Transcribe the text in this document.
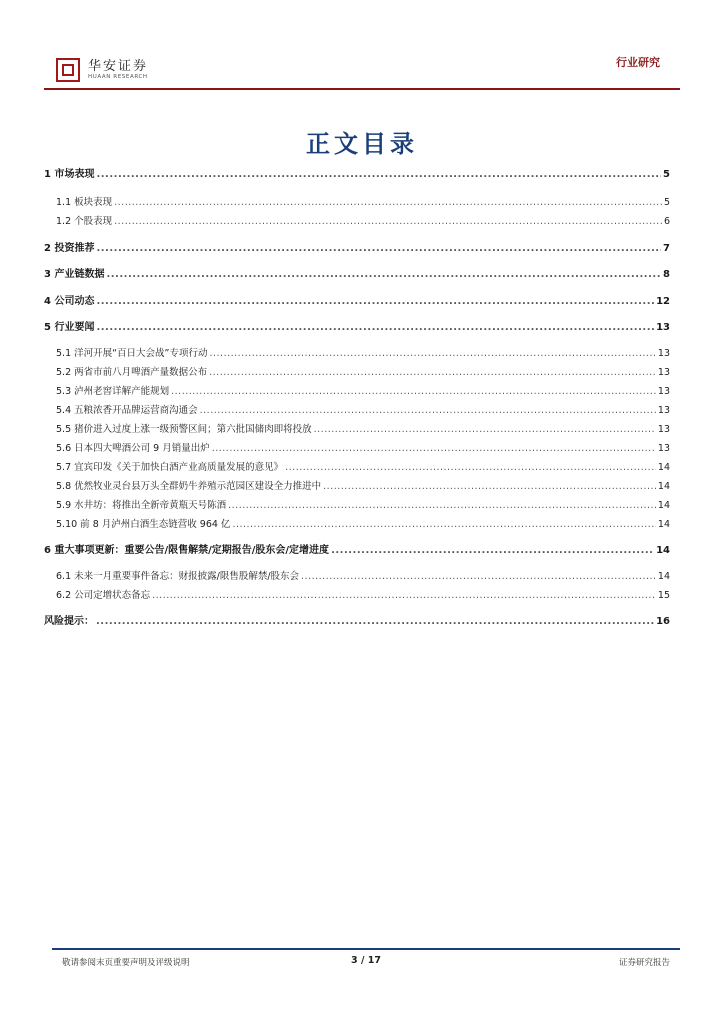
华安证券
HUAAN RESEARCH
行业研究
正文目录
1 市场表现 .....	5
1.1 板块表现 .....	5
1.2 个股表现 .....	6
2 投资推荐 .....	7
3 产业链数据 .....	8
4 公司动态 .....	12
5 行业要闻 .....	13
5.1 洋河开展“百日大会战”专项行动 .....	13
5.2 两省市前八月啤酒产量数据公布 .....	13
5.3 泸州老窖详解产能规划 .....	13
5.4 五粮浓香开品牌运营商沟通会 .....	13
5.5 猪价进入过度上涨一级预警区间；第六批国储肉即将投放 .....	13
5.6 日本四大啤酒公司 9 月销量出炉 .....	13
5.7 宜宾印发《关于加快白酒产业高质量发展的意见》 .....	14
5.8 优然牧业灵台县万头全群奶牛养殖示范园区建设全力推进中 .....	14
5.9 水井坊：将推出全新帝黄瓶天号陈酒 .....	14
5.10 前 8 月泸州白酒生态链营收 964 亿 .....	14
6 重大事项更新：重要公告/限售解禁/定期报告/股东会/定增进度 .....	14
6.1 未来一月重要事件备忘：财报披露/限售股解禁/股东会 .....	14
6.2 公司定增状态备忘 .....	15
风险提示： .....	16
敬请参阅末页重要声明及评级说明	3 / 17	证券研究报告
